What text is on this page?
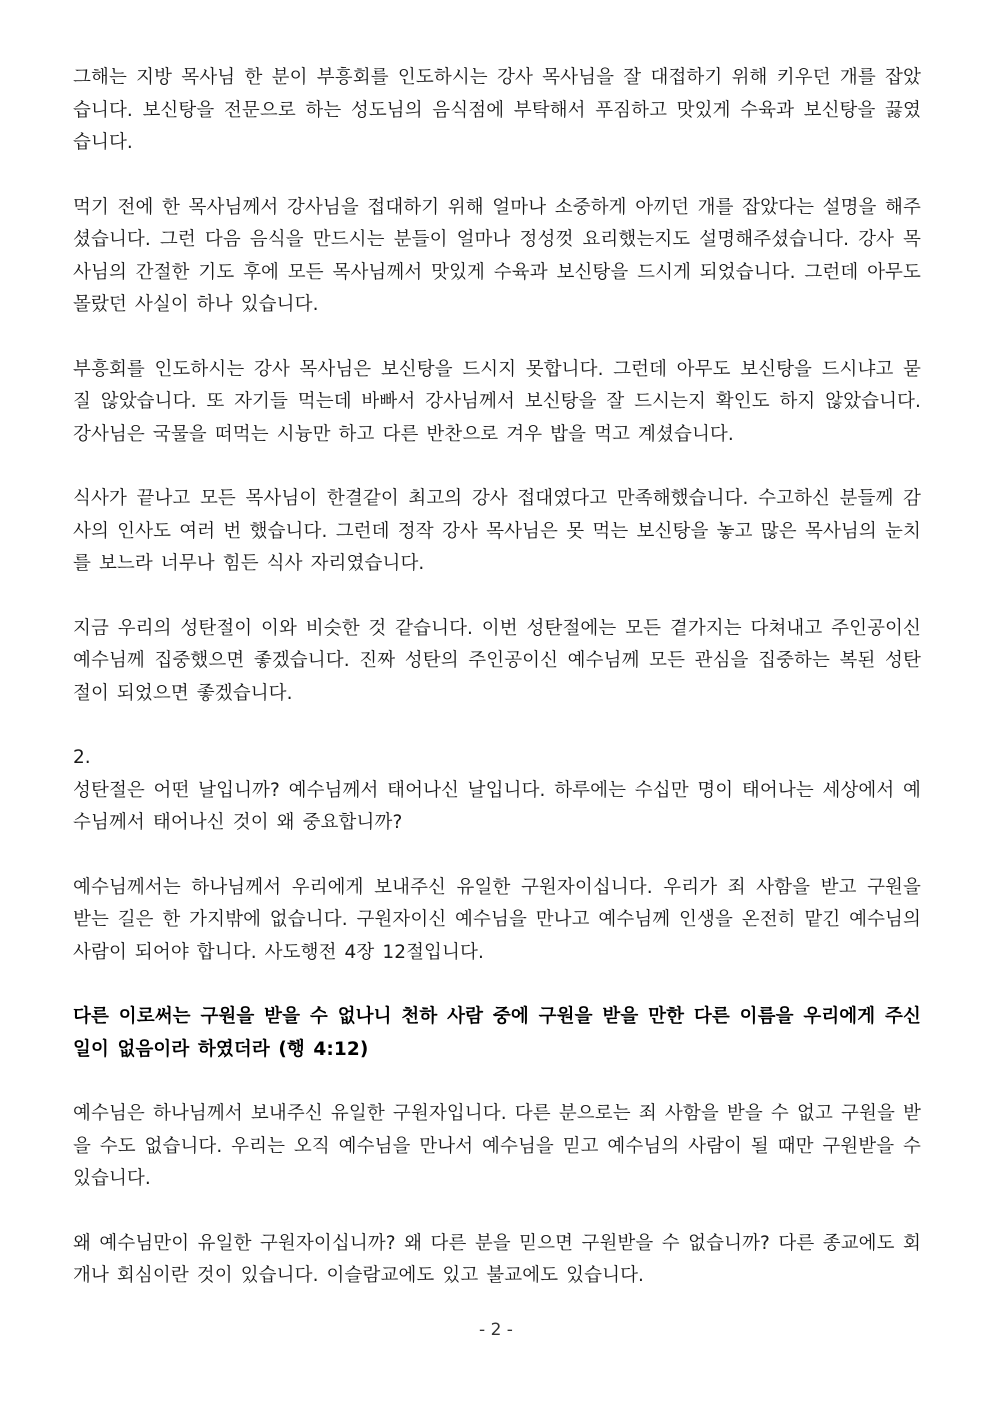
그해는 지방 목사님 한 분이 부흥회를 인도하시는 강사 목사님을 잘 대접하기 위해 키우던 개를 잡았습니다. 보신탕을 전문으로 하는 성도님의 음식점에 부탁해서 푸짐하고 맛있게 수육과 보신탕을 끓였습니다.

먹기 전에 한 목사님께서 강사님을 접대하기 위해 얼마나 소중하게 아끼던 개를 잡았다는 설명을 해주셨습니다. 그런 다음 음식을 만드시는 분들이 얼마나 정성껏 요리했는지도 설명해주셨습니다. 강사 목사님의 간절한 기도 후에 모든 목사님께서 맛있게 수육과 보신탕을 드시게 되었습니다. 그런데 아무도 몰랐던 사실이 하나 있습니다.

부흥회를 인도하시는 강사 목사님은 보신탕을 드시지 못합니다. 그런데 아무도 보신탕을 드시냐고 묻질 않았습니다. 또 자기들 먹는데 바빠서 강사님께서 보신탕을 잘 드시는지 확인도 하지 않았습니다. 강사님은 국물을 떠먹는 시늉만 하고 다른 반찬으로 겨우 밥을 먹고 계셨습니다.

식사가 끝나고 모든 목사님이 한결같이 최고의 강사 접대였다고 만족해했습니다. 수고하신 분들께 감사의 인사도 여러 번 했습니다. 그런데 정작 강사 목사님은 못 먹는 보신탕을 놓고 많은 목사님의 눈치를 보느라 너무나 힘든 식사 자리였습니다.

지금 우리의 성탄절이 이와 비슷한 것 같습니다. 이번 성탄절에는 모든 곁가지는 다쳐내고 주인공이신 예수님께 집중했으면 좋겠습니다. 진짜 성탄의 주인공이신 예수님께 모든 관심을 집중하는 복된 성탄절이 되었으면 좋겠습니다.

2.

성탄절은 어떤 날입니까? 예수님께서 태어나신 날입니다. 하루에는 수십만 명이 태어나는 세상에서 예수님께서 태어나신 것이 왜 중요합니까?

예수님께서는 하나님께서 우리에게 보내주신 유일한 구원자이십니다. 우리가 죄 사함을 받고 구원을 받는 길은 한 가지밖에 없습니다. 구원자이신 예수님을 만나고 예수님께 인생을 온전히 맡긴 예수님의 사람이 되어야 합니다. 사도행전 4장 12절입니다.

다른 이로써는 구원을 받을 수 없나니 천하 사람 중에 구원을 받을 만한 다른 이름을 우리에게 주신 일이 없음이라 하였더라 (행 4:12)

예수님은 하나님께서 보내주신 유일한 구원자입니다. 다른 분으로는 죄 사함을 받을 수 없고 구원을 받을 수도 없습니다. 우리는 오직 예수님을 만나서 예수님을 믿고 예수님의 사람이 될 때만 구원받을 수 있습니다.

왜 예수님만이 유일한 구원자이십니까? 왜 다른 분을 믿으면 구원받을 수 없습니까? 다른 종교에도 회개나 회심이란 것이 있습니다. 이슬람교에도 있고 불교에도 있습니다.

- 2 -
